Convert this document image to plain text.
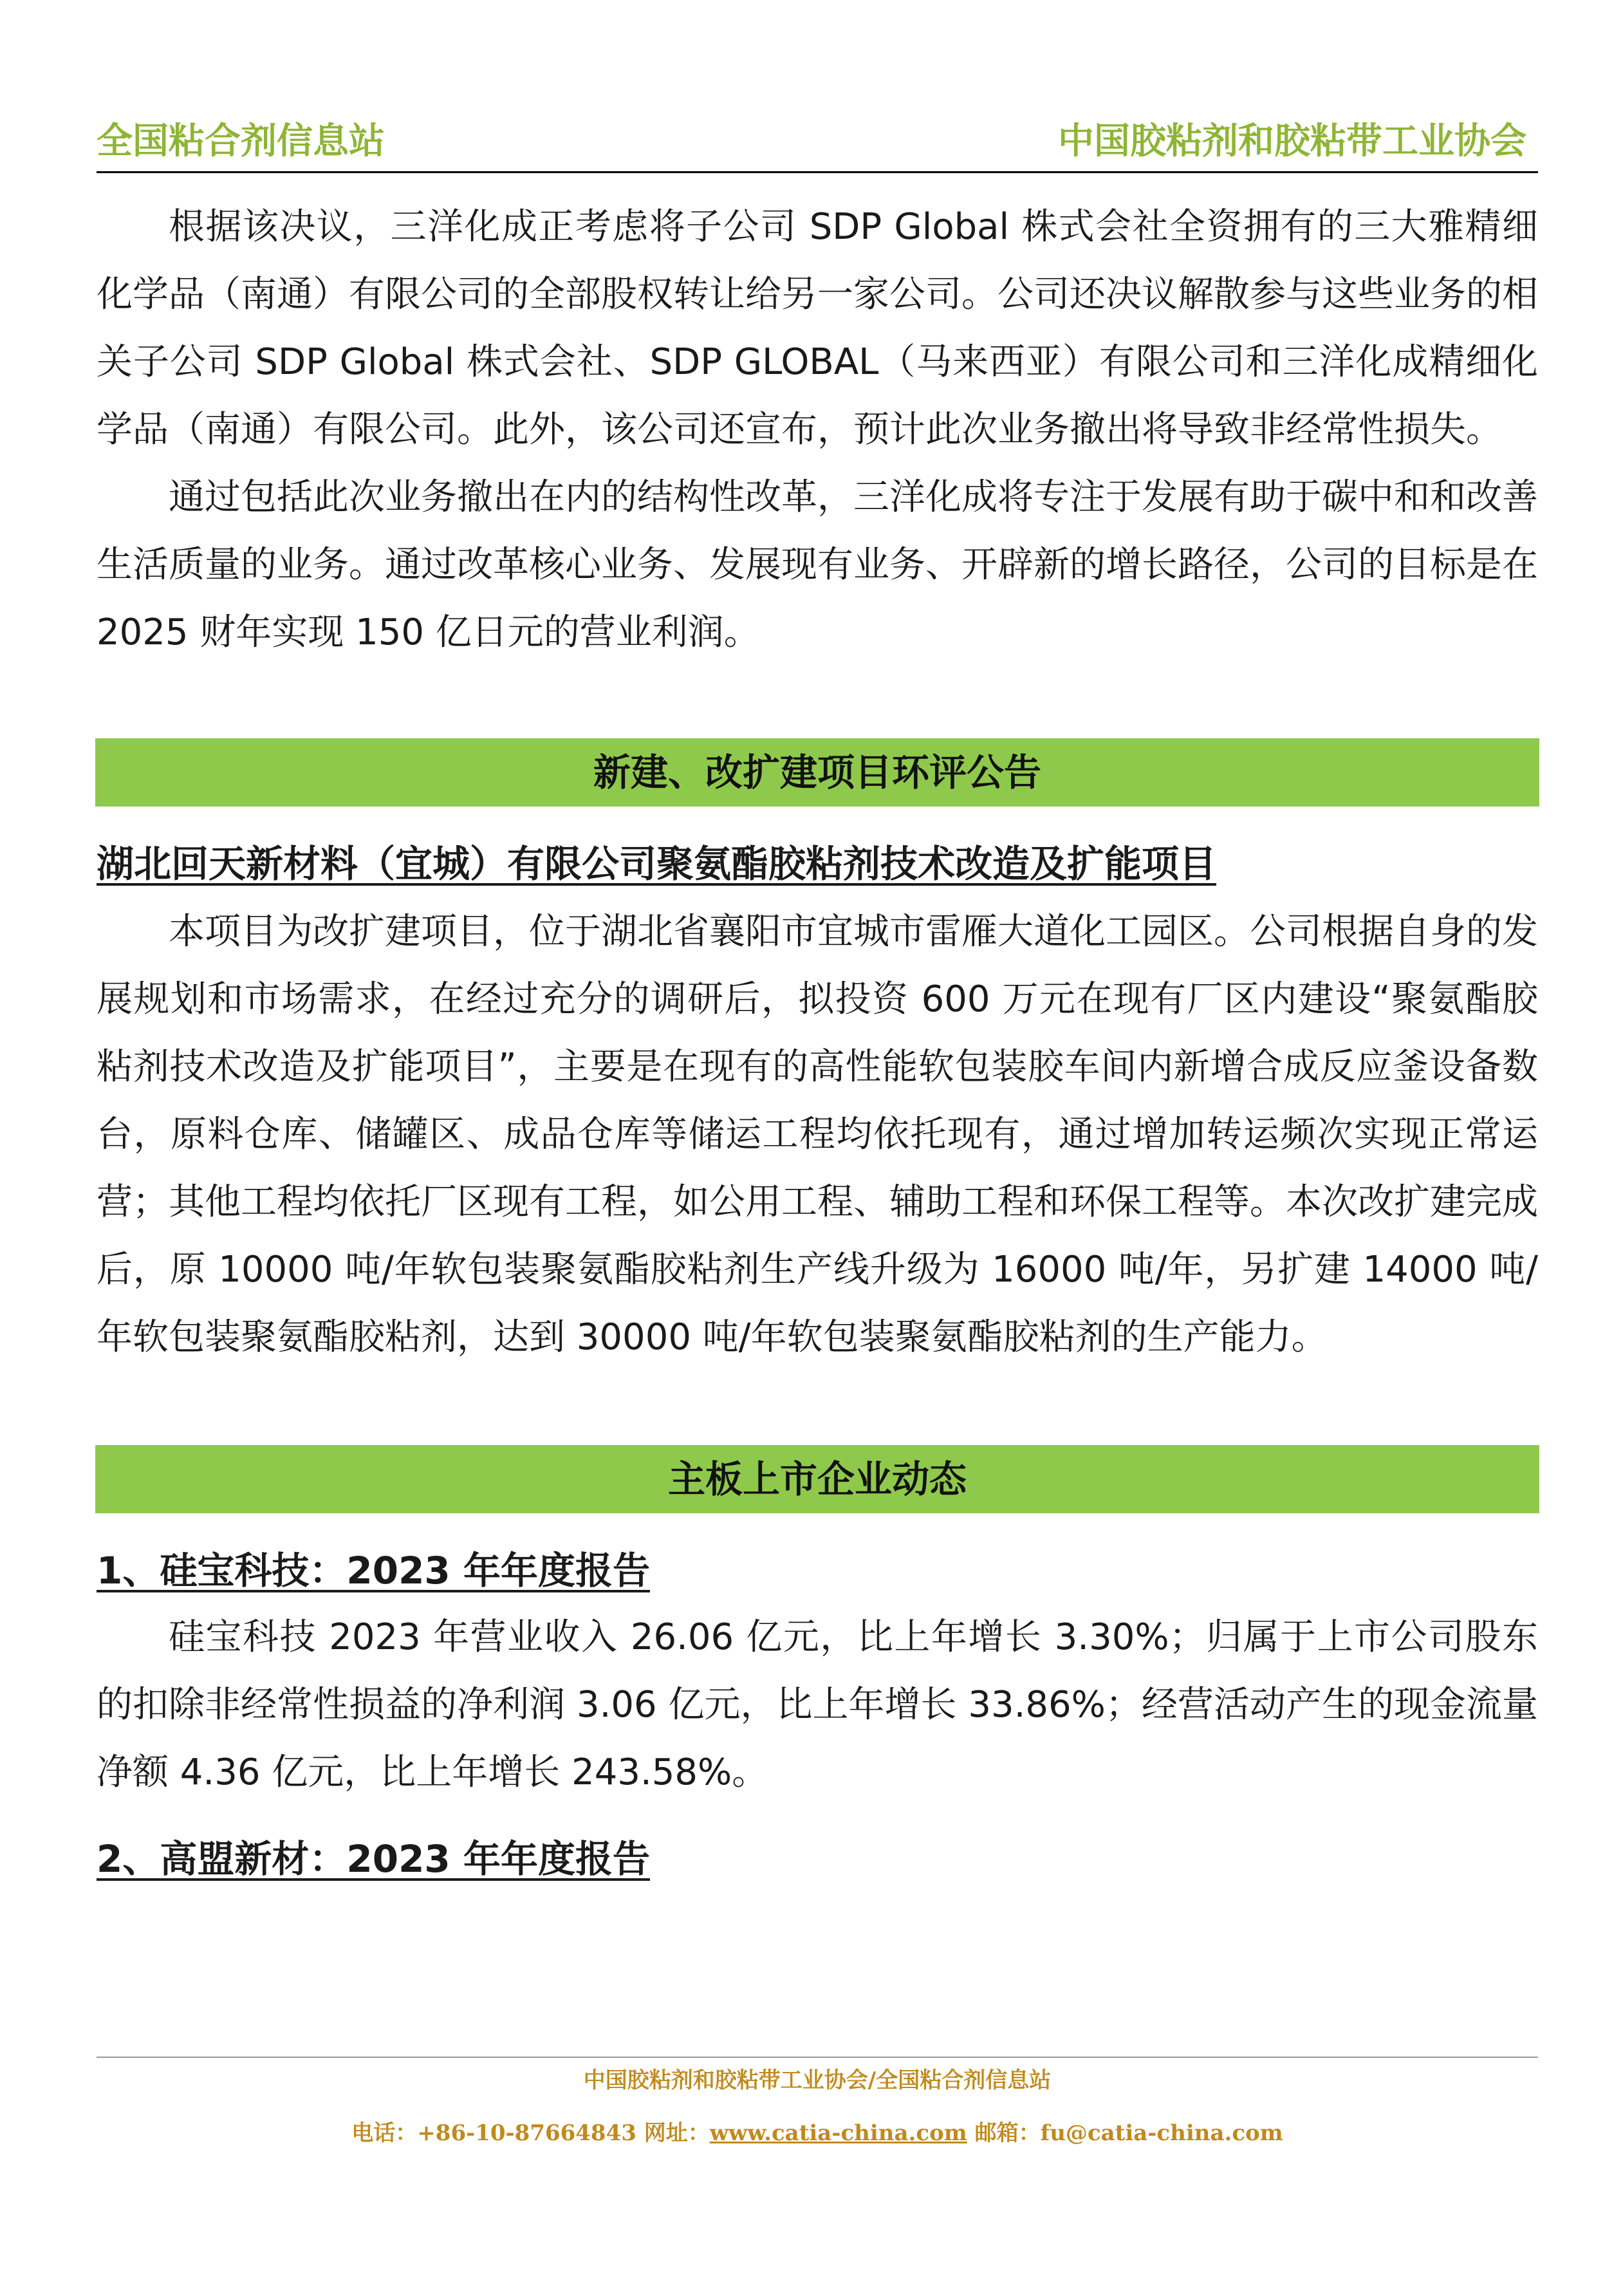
全国粘合剂信息站	中国胶粘剂和胶粘带工业协会

根据该决议，三洋化成正考虑将子公司 SDP Global 株式会社全资拥有的三大雅精细化学品（南通）有限公司的全部股权转让给另一家公司。公司还决议解散参与这些业务的相关子公司 SDP Global 株式会社、SDP GLOBAL（马来西亚）有限公司和三洋化成精细化学品（南通）有限公司。此外，该公司还宣布，预计此次业务撤出将导致非经常性损失。

通过包括此次业务撤出在内的结构性改革，三洋化成将专注于发展有助于碳中和和改善生活质量的业务。通过改革核心业务、发展现有业务、开辟新的增长路径，公司的目标是在 2025 财年实现 150 亿日元的营业利润。

新建、改扩建项目环评公告
湖北回天新材料（宜城）有限公司聚氨酯胶粘剂技术改造及扩能项目

本项目为改扩建项目，位于湖北省襄阳市宜城市雷雁大道化工园区。公司根据自身的发展规划和市场需求，在经过充分的调研后，拟投资 600 万元在现有厂区内建设“聚氨酯胶粘剂技术改造及扩能项目”，主要是在现有的高性能软包装胶车间内新增合成反应釜设备数台，原料仓库、储罐区、成品仓库等储运工程均依托现有，通过增加转运频次实现正常运营；其他工程均依托厂区现有工程，如公用工程、辅助工程和环保工程等。本次改扩建完成后，原 10000 吨/年软包装聚氨酯胶粘剂生产线升级为 16000 吨/年，另扩建 14000 吨/年软包装聚氨酯胶粘剂，达到 30000 吨/年软包装聚氨酯胶粘剂的生产能力。

主板上市企业动态
1、硅宝科技：2023 年年度报告

硅宝科技 2023 年营业收入 26.06 亿元，比上年增长 3.30%；归属于上市公司股东的扣除非经常性损益的净利润 3.06 亿元，比上年增长 33.86%；经营活动产生的现金流量净额 4.36 亿元，比上年增长 243.58%。

2、高盟新材：2023 年年度报告
中国胶粘剂和胶粘带工业协会/全国粘合剂信息站
电话：+86-10-87664843 网址：www.catia-china.com 邮箱：fu@catia-china.com
